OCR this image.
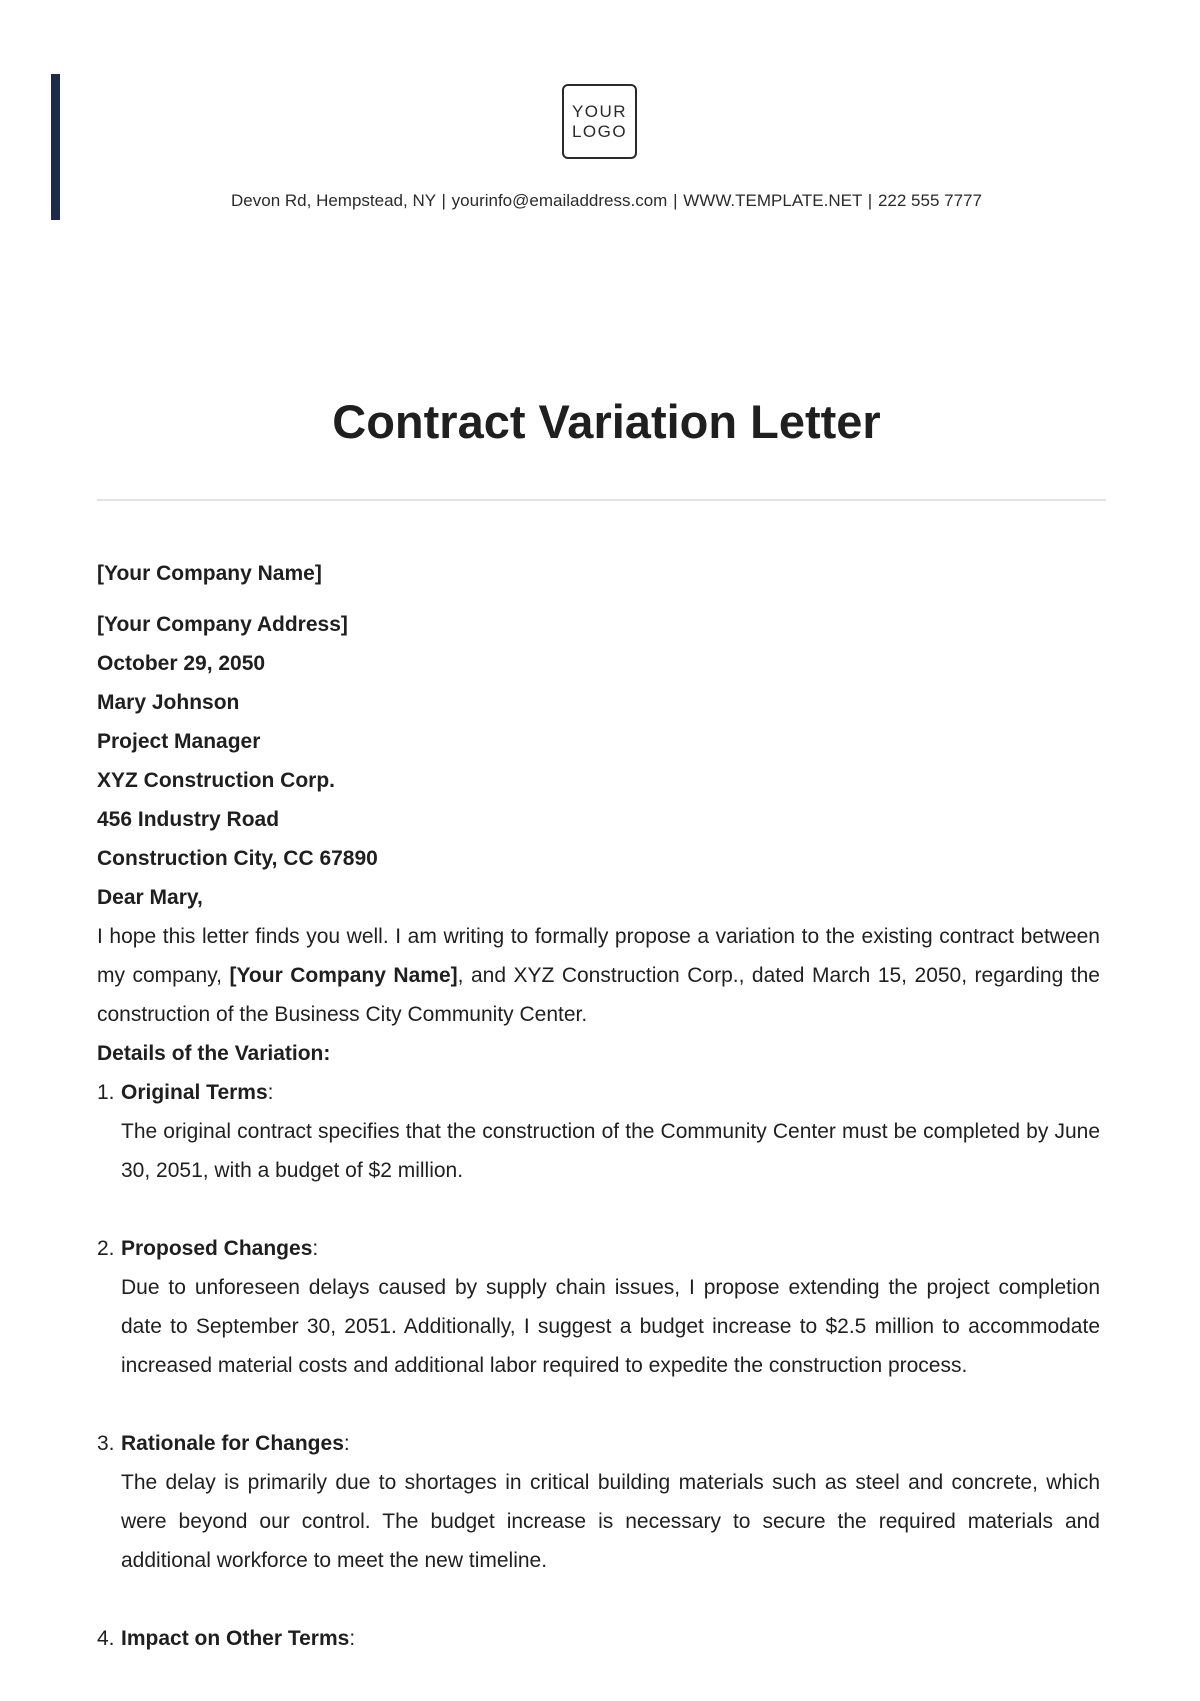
YOUR
LOGO
Devon Rd, Hempstead, NY | yourinfo@emailaddress.com | WWW.TEMPLATE.NET | 222 555 7777
Contract Variation Letter

[Your Company Name]

[Your Company Address]

October 29, 2050

Mary Johnson

Project Manager

XYZ Construction Corp.

456 Industry Road

Construction City, CC 67890

Dear Mary,

I hope this letter finds you well. I am writing to formally propose a variation to the existing contract between my company, [Your Company Name], and XYZ Construction Corp., dated March 15, 2050, regarding the construction of the Business City Community Center.

Details of the Variation:

1. Original Terms:
The original contract specifies that the construction of the Community Center must be completed by June 30, 2051, with a budget of $2 million.
2. Proposed Changes:
Due to unforeseen delays caused by supply chain issues, I propose extending the project completion date to September 30, 2051. Additionally, I suggest a budget increase to $2.5 million to accommodate increased material costs and additional labor required to expedite the construction process.
3. Rationale for Changes:
The delay is primarily due to shortages in critical building materials such as steel and concrete, which were beyond our control. The budget increase is necessary to secure the required materials and additional workforce to meet the new timeline.
4. Impact on Other Terms:
